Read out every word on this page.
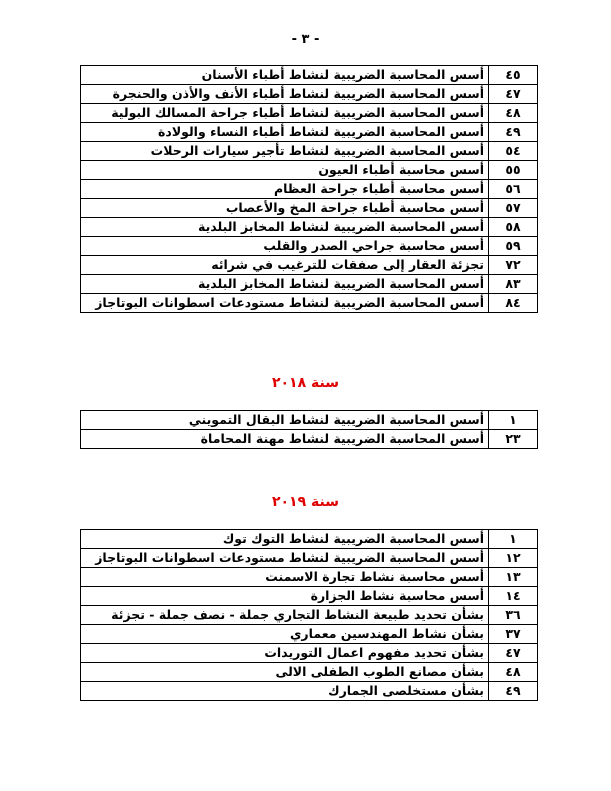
- ٣ -
٤٥	أسس المحاسبة الضريبية لنشاط أطباء الأسنان
٤٧	أسس المحاسبة الضريبية لنشاط أطباء الأنف والأذن والحنجرة
٤٨	أسس المحاسبة الضريبية لنشاط أطباء جراحة المسالك البولية
٤٩	أسس المحاسبة الضريبية لنشاط أطباء النساء والولادة
٥٤	أسس المحاسبة الضريبية لنشاط تأجير سيارات الرحلات
٥٥	أسس محاسبة أطباء العيون
٥٦	أسس محاسبة أطباء جراحة العظام
٥٧	أسس محاسبة أطباء جراحة المخ والأعصاب
٥٨	أسس المحاسبة الضريبية لنشاط المخابز البلدية
٥٩	أسس محاسبة جراحي الصدر والقلب
٧٢	تجزئة العقار إلى صفقات للترغيب في شرائه
٨٣	أسس المحاسبة الضريبية لنشاط المخابز البلدية
٨٤	أسس المحاسبة الضريبية لنشاط مستودعات اسطوانات البوتاجاز
سنة ٢٠١٨
١	أسس المحاسبة الضريبية لنشاط البقال التمويني
٢٣	أسس المحاسبة الضريبية لنشاط مهنة المحاماة
سنة ٢٠١٩
١	أسس المحاسبة الضريبية لنشاط التوك توك
١٢	أسس المحاسبة الضريبية لنشاط مستودعات اسطوانات البوتاجاز
١٣	أسس محاسبة نشاط تجارة الاسمنت
١٤	أسس محاسبة نشاط الجزارة
٣٦	بشأن تحديد طبيعة النشاط التجاري جملة - نصف جملة - تجزئة
٣٧	بشأن نشاط المهندسين معماري
٤٧	بشأن تحديد مفهوم اعمال التوريدات
٤٨	بشأن مصانع الطوب الطفلى الالى
٤٩	بشأن مستخلصى الجمارك
